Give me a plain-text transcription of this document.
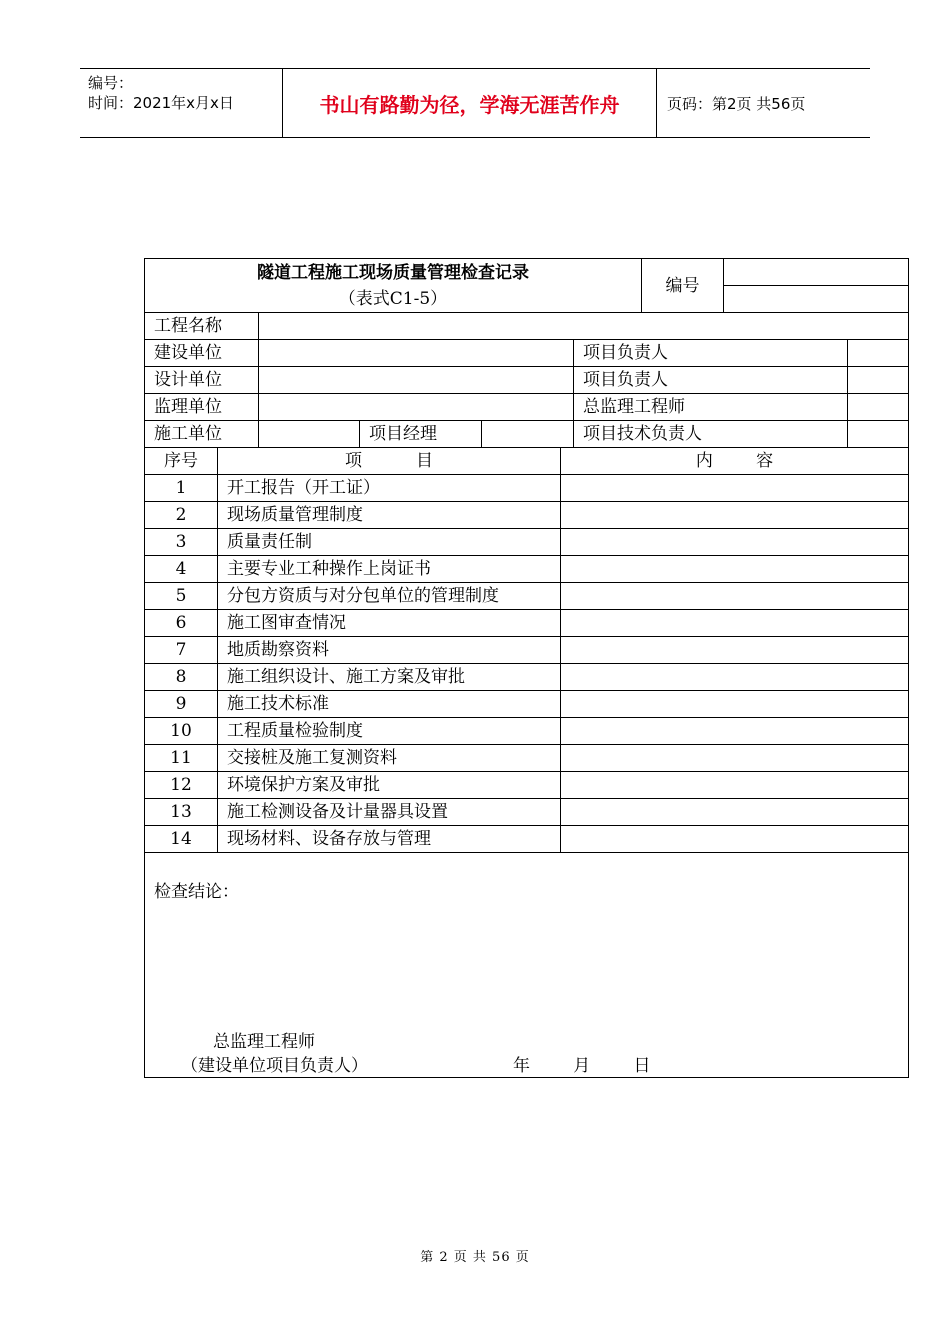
编号：
时间：2021年x月x日	书山有路勤为径，学海无涯苦作舟	页码：第2页 共56页
隧道工程施工现场质量管理检查记录
（表式C1-5）							编号		

工程名称									
建设单位						项目负责人			
设计单位						项目负责人			
监理单位						总监理工程师			
施工单位			项目经理			项目技术负责人			
序号	项          目				内        容				
1	开工报告（开工证）								
2	现场质量管理制度								
3	质量责任制								
4	主要专业工种操作上岗证书								
5	分包方资质与对分包单位的管理制度								
6	施工图审查情况								
7	地质勘察资料								
8	施工组织设计、施工方案及审批								
9	施工技术标准								
10	工程质量检验制度								
11	交接桩及施工复测资料								
12	环境保护方案及审批								
13	施工检测设备及计量器具设置								
14	现场材料、设备存放与管理								

检查结论：
总监理工程师
（建设单位项目负责人） 年        月        日									
第 2 页 共 56 页
